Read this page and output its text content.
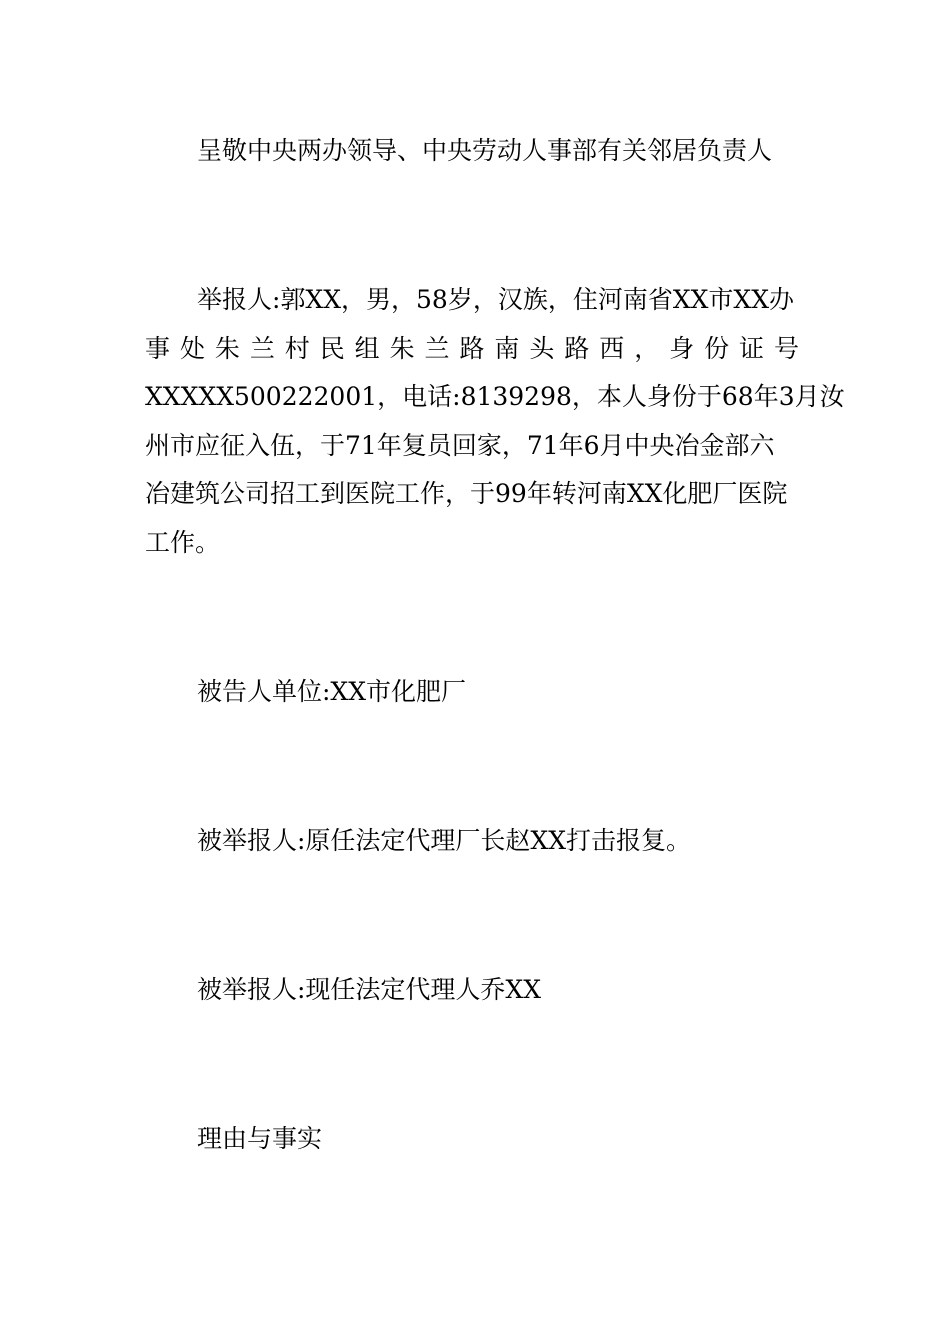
呈敬中央两办领导、中央劳动人事部有关邻居负责人
举报人:郭XX，男，58岁，汉族，住河南省XX市XX办
事处朱兰村民组朱兰路南头路西，身份证号
XXXXX500222001，电话:8139298，本人身份于68年3月汝
州市应征入伍，于71年复员回家，71年6月中央冶金部六
冶建筑公司招工到医院工作，于99年转河南XX化肥厂医院
工作。
被告人单位:XX市化肥厂
被举报人:原任法定代理厂长赵XX打击报复。
被举报人:现任法定代理人乔XX
理由与事实
